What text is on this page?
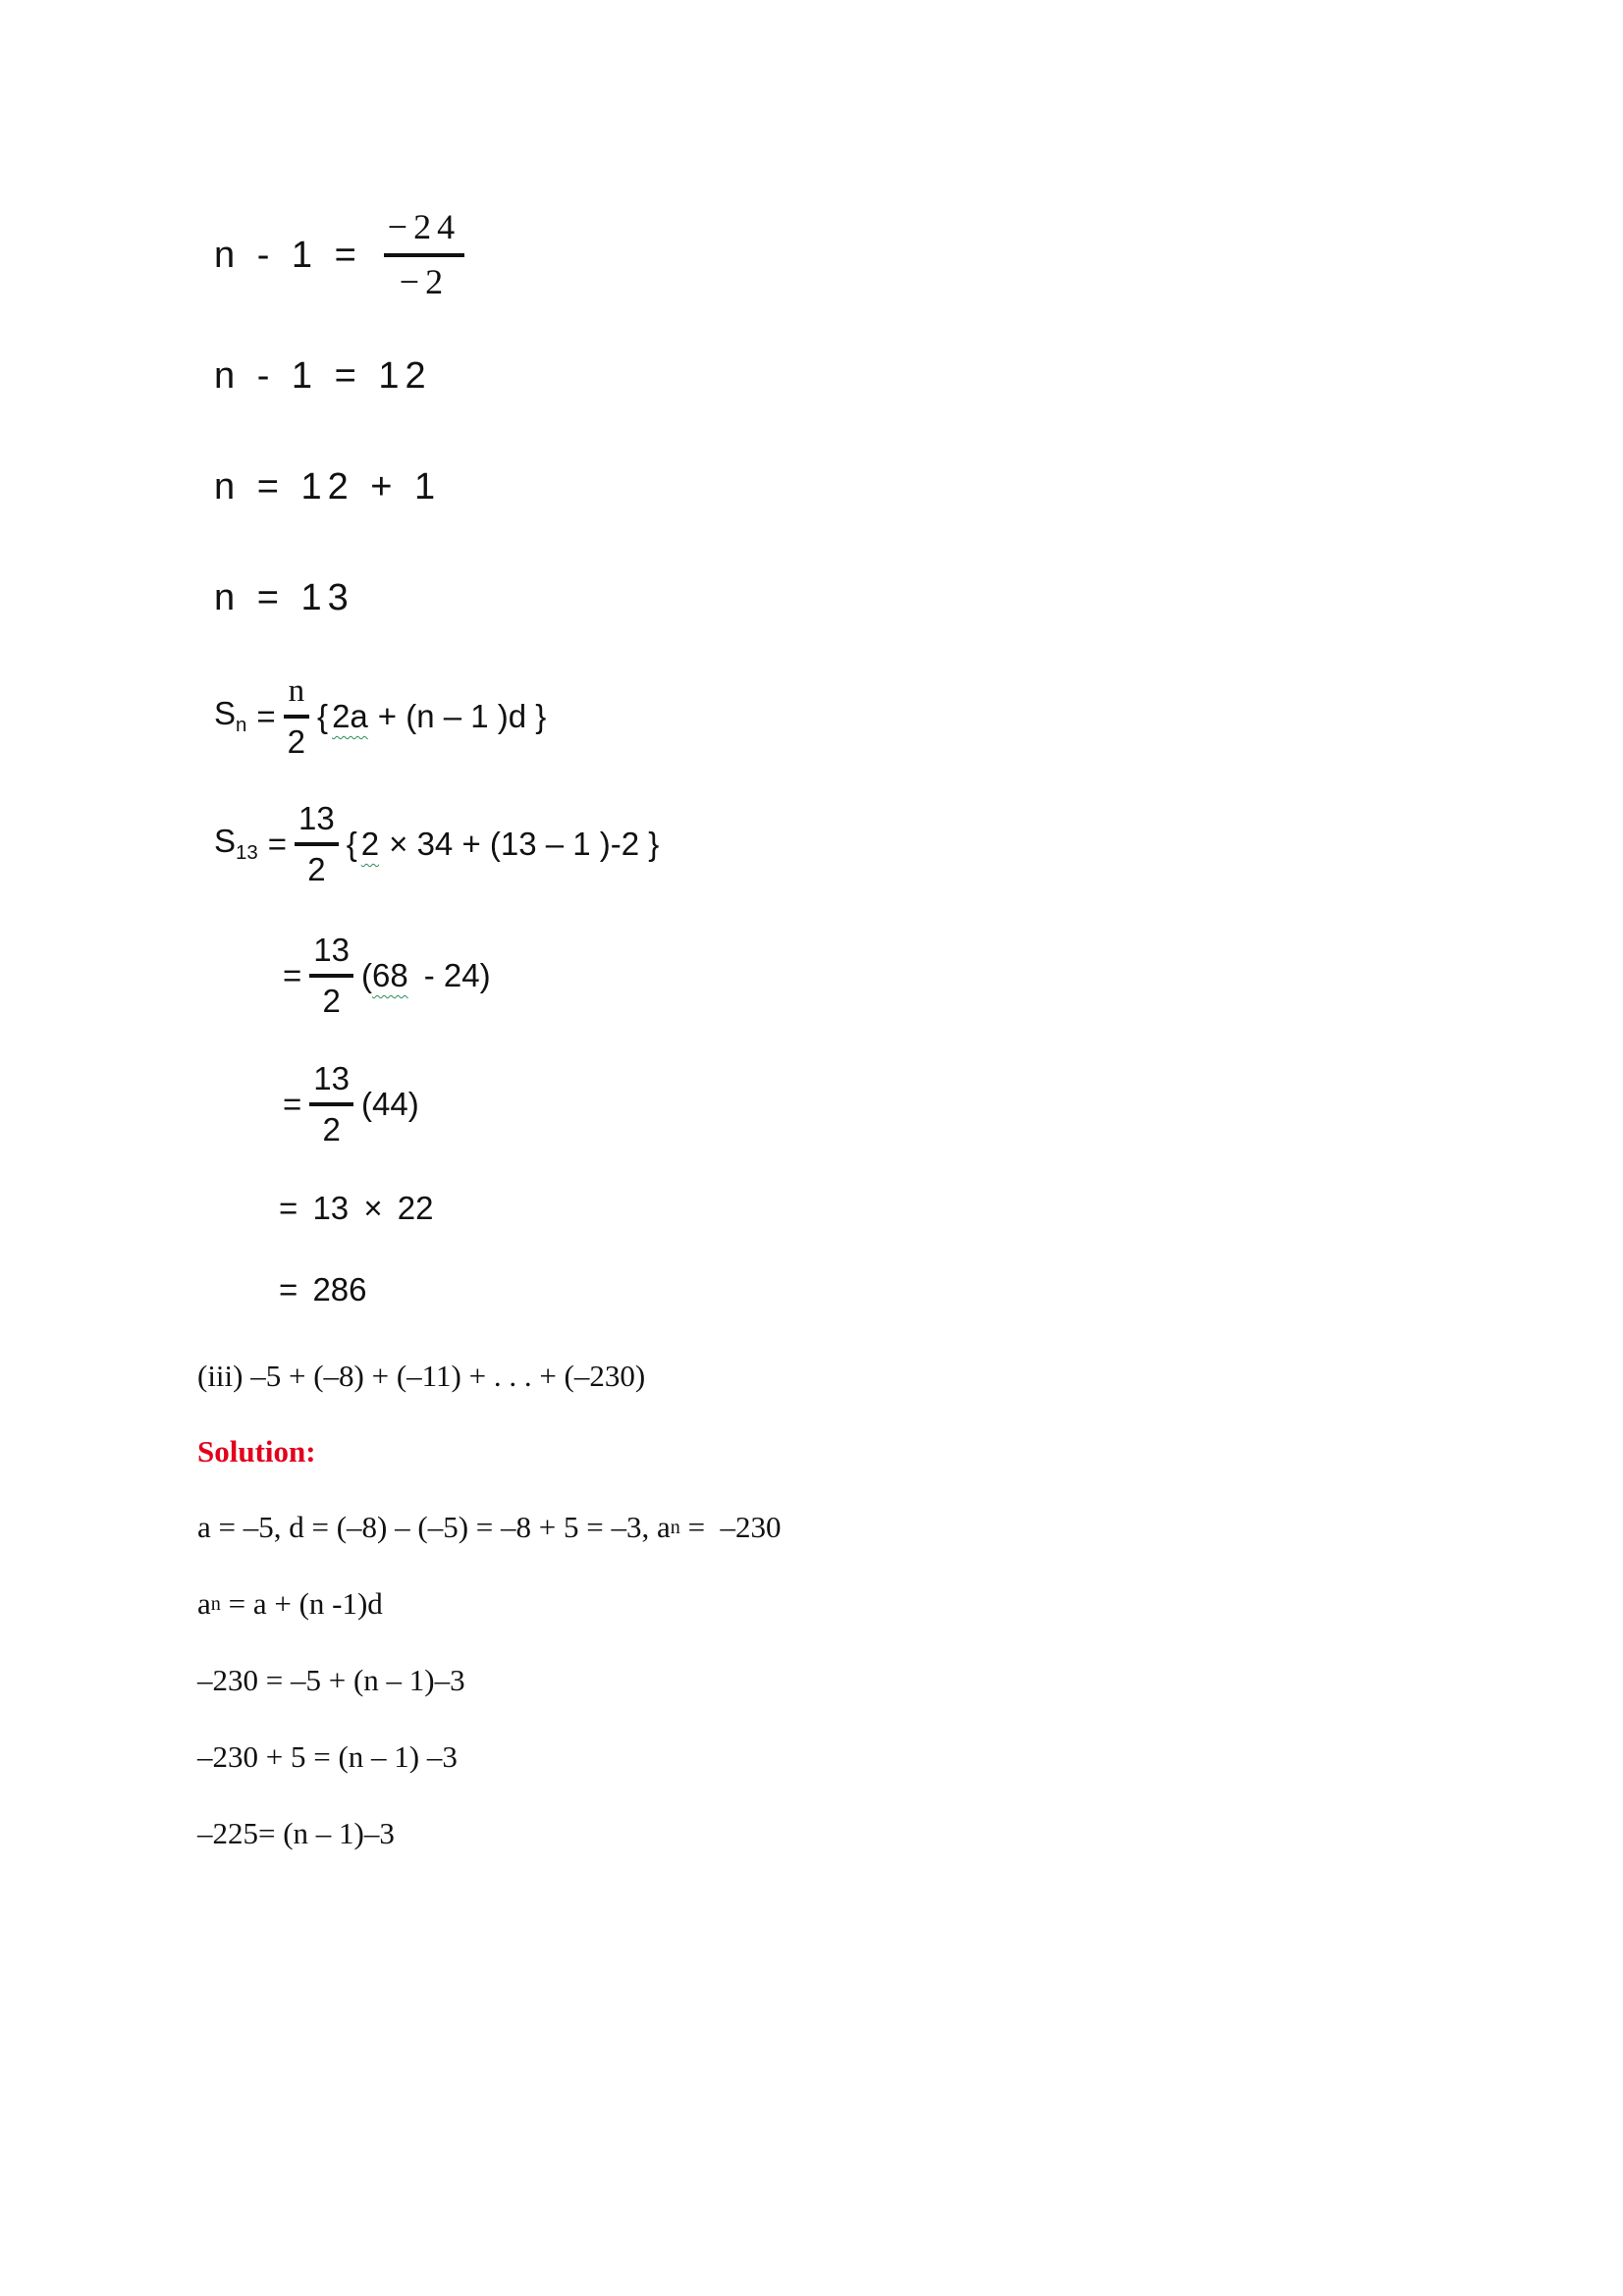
$n - 1 = \frac{-24}{-2}$
n - 1 = 12
n = 12 + 1
n = 13
$S_n = \frac{n}{2}$ { 2a + (n – 1 )d }
$S_{13} = \frac{13}{2}$ { 2 × 34 + (13 – 1 )-2 }
= $\frac{13}{2}$ ( 68 - 24)
= $\frac{13}{2} (44)$
= 13 × 22
= 286
(iii) –5 + (–8) + (–11) + . . . + (–230)
Solution:
a = –5, d = (–8) – (–5) = –8 + 5 = –3, a n =  –230
a n = a + (n -1)d
–230 = –5 + (n – 1)–3
–230 + 5 = (n – 1) –3
–225= (n – 1)–3
